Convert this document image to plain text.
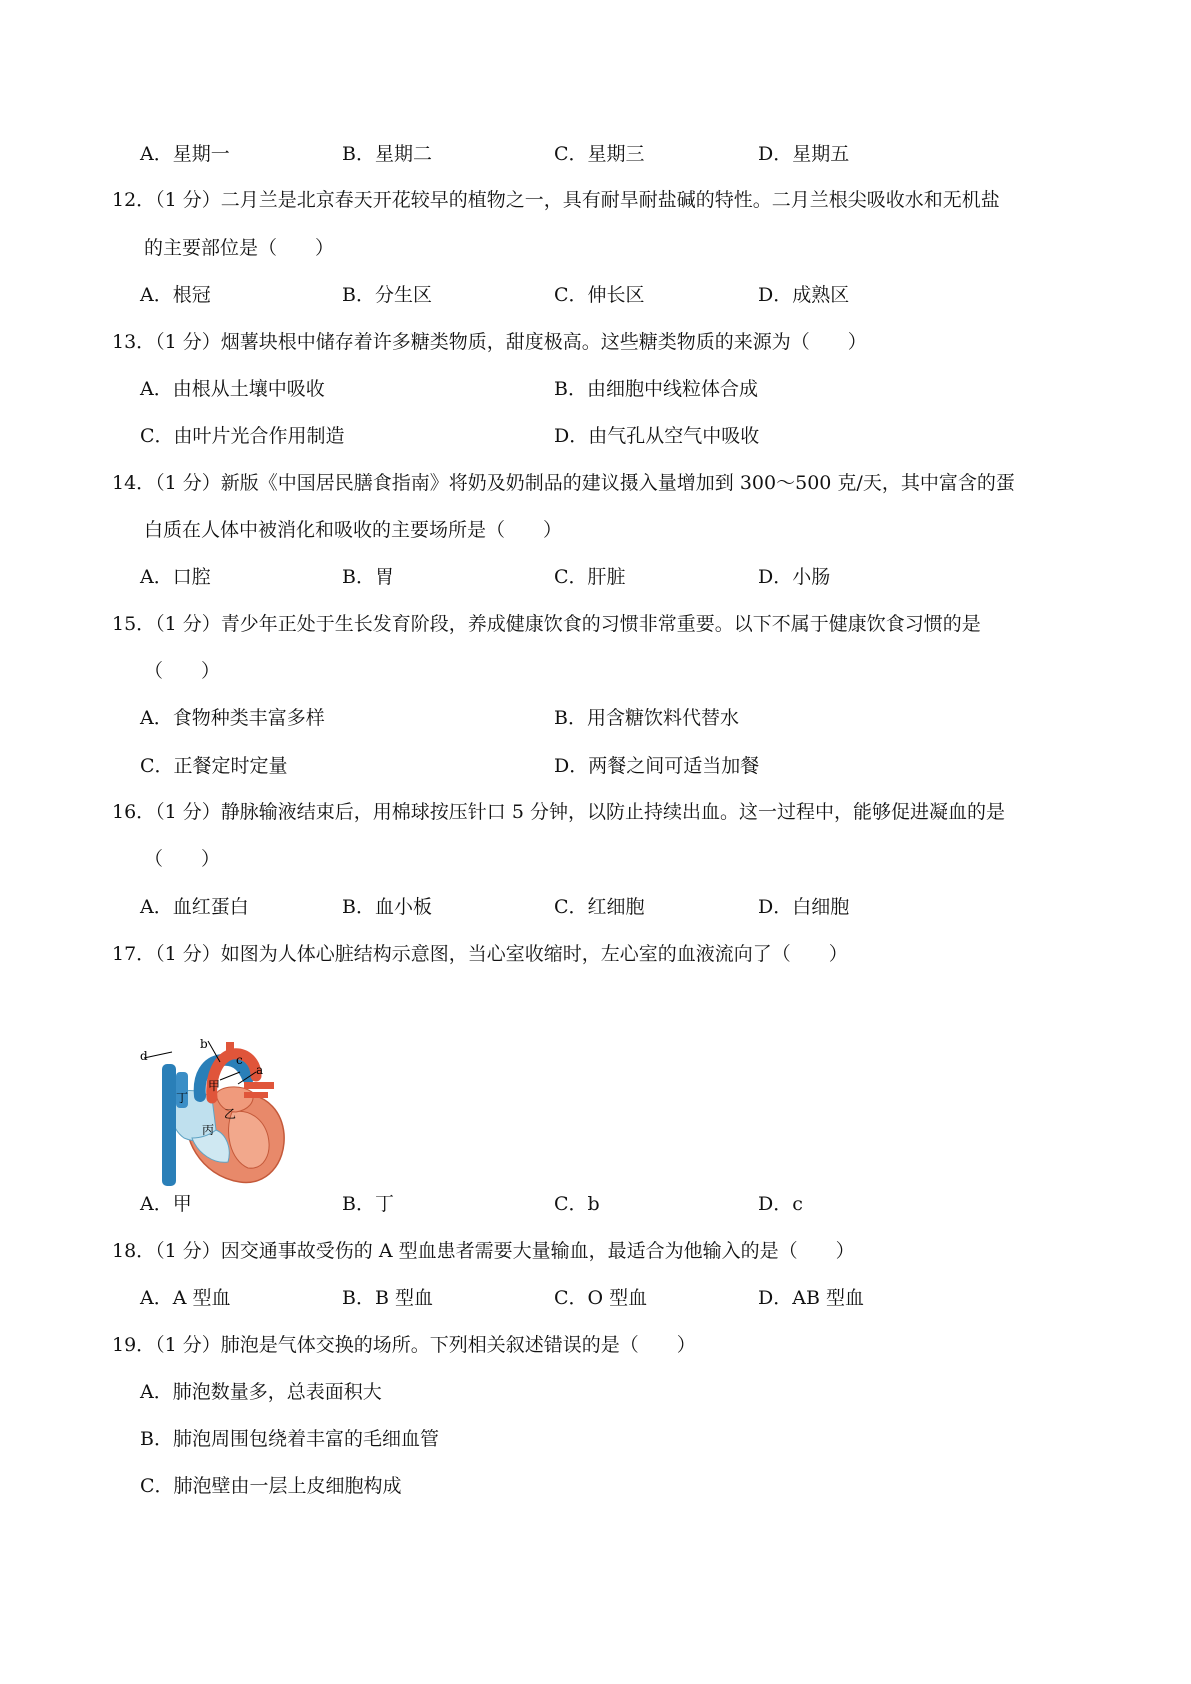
A．星期一	B．星期二	C．星期三	D．星期五
12．（1 分）二月兰是北京春天开花较早的植物之一，具有耐旱耐盐碱的特性。二月兰根尖吸收水和无机盐
的主要部位是（　　）
A．根冠	B．分生区	C．伸长区	D．成熟区
13．（1 分）烟薯块根中储存着许多糖类物质，甜度极高。这些糖类物质的来源为（　　）
A．由根从土壤中吸收	B．由细胞中线粒体合成
C．由叶片光合作用制造	D．由气孔从空气中吸收
14．（1 分）新版《中国居民膳食指南》将奶及奶制品的建议摄入量增加到 300～500 克/天，其中富含的蛋
白质在人体中被消化和吸收的主要场所是（　　）
A．口腔	B．胃	C．肝脏	D．小肠
15．（1 分）青少年正处于生长发育阶段，养成健康饮食的习惯非常重要。以下不属于健康饮食习惯的是
（　　）
A．食物种类丰富多样	B．用含糖饮料代替水
C．正餐定时定量	D．两餐之间可适当加餐
16．（1 分）静脉输液结束后，用棉球按压针口 5 分钟，以防止持续出血。这一过程中，能够促进凝血的是
（　　）
A．血红蛋白	B．血小板	C．红细胞	D．白细胞
17．（1 分）如图为人体心脏结构示意图，当心室收缩时，左心室的血液流向了（　　）
b
c
a
d
甲
丁
乙
丙
A．甲	B．丁	C．b	D．c
18．（1 分）因交通事故受伤的 A 型血患者需要大量输血，最适合为他输入的是（　　）
A．A 型血	B．B 型血	C．O 型血	D．AB 型血
19．（1 分）肺泡是气体交换的场所。下列相关叙述错误的是（　　）
A．肺泡数量多，总表面积大
B．肺泡周围包绕着丰富的毛细血管
C．肺泡壁由一层上皮细胞构成
